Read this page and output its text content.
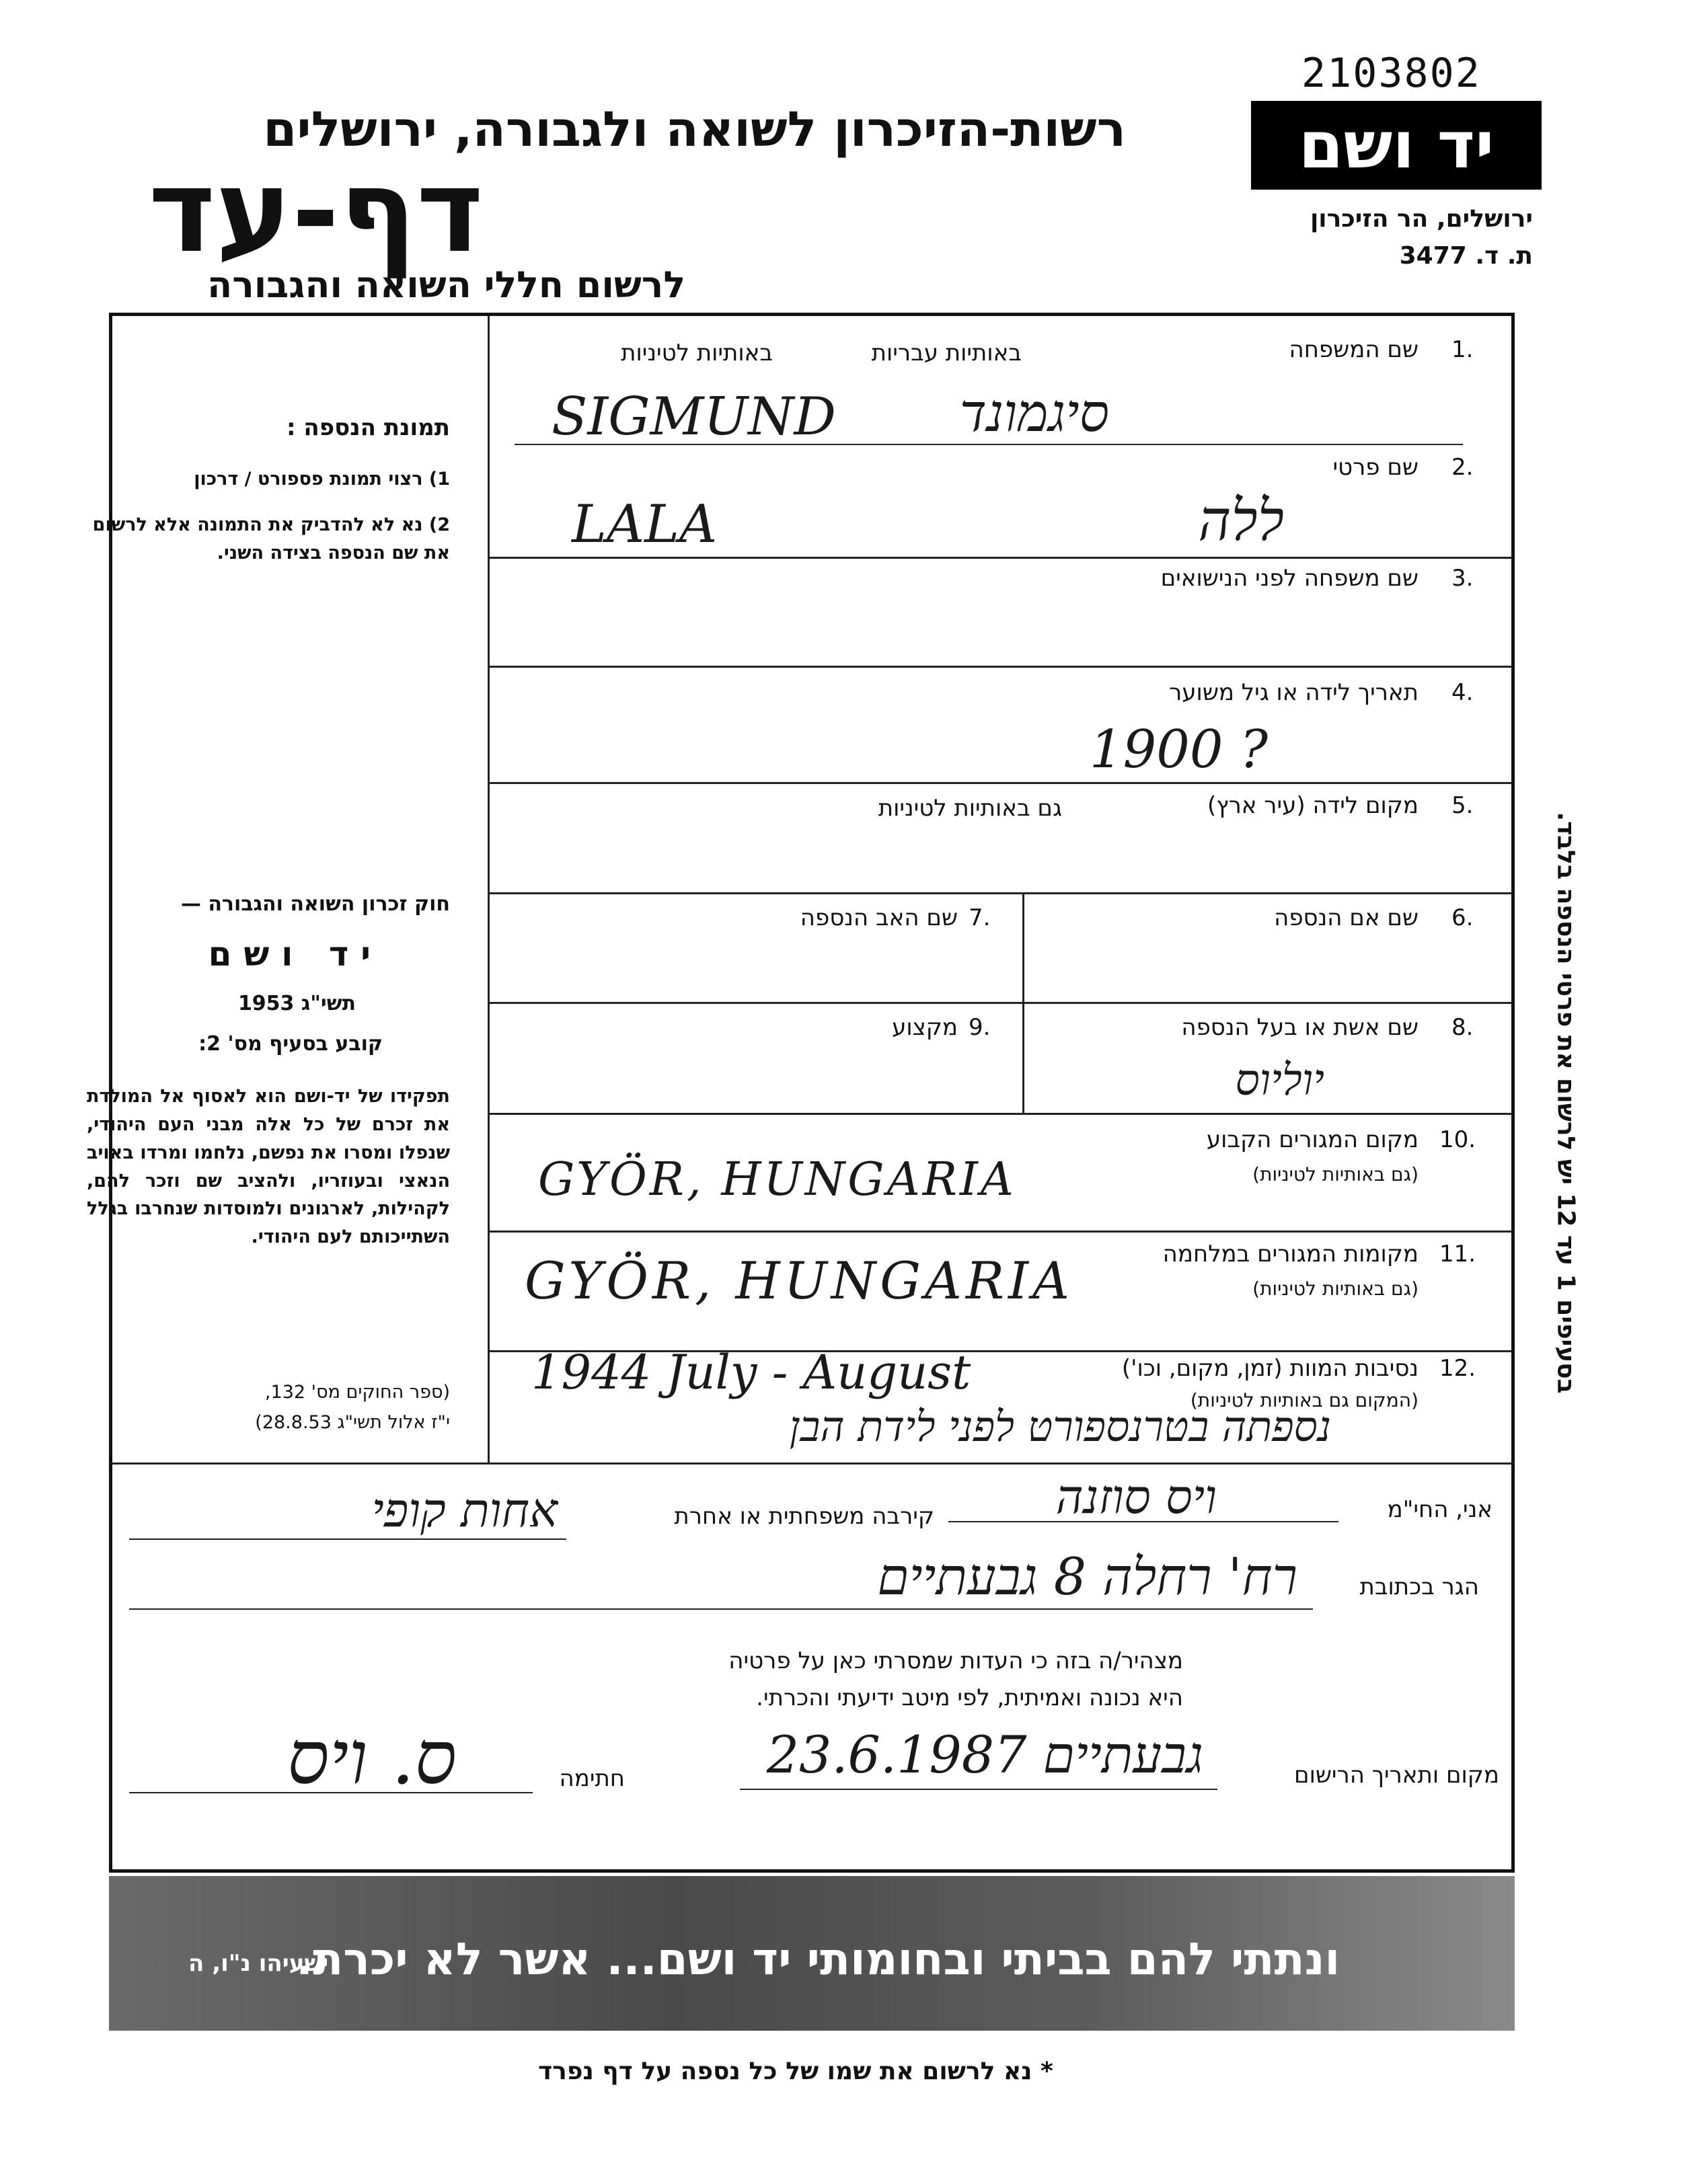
2103802
יד ושם
רשות-הזיכרון לשואה ולגבורה, ירושלים
דף-עד
לרשום חללי השואה והגבורה
ירושלים, הר הזיכרון
ת. ד. 3477
בסעיפים 1 עד 12 יש לרשום את פרטי הנספה בלבד.
תמונת הנספה :
1) רצוי תמונת פספורט / דרכון
2) נא לא להדביק את התמונה אלא לרשום את שם הנספה בצידה השני.
חוק זכרון השואה והגבורה —
יד ושם
תשי"ג 1953
קובע בסעיף מס' 2:
תפקידו של יד-ושם הוא לאסוף אל המולדת את זכרם של כל אלה מבני העם היהודי, שנפלו ומסרו את נפשם, נלחמו ומרדו באויב הנאצי ובעוזריו, ולהציב שם וזכר להם, לקהילות, לארגונים ולמוסדות שנחרבו בגלל השתייכותם לעם היהודי.
(ספר החוקים מס' 132,
י"ז אלול תשי"ג 28.8.53)
1.
שם המשפחה
באותיות עבריות
באותיות לטיניות
SIGMUND סיגמונד
2.
שם פרטי
LALA	ללה
3.
שם משפחה לפני הנישואים
4.
תאריך לידה או גיל משוער
1900 ?
5.
מקום לידה (עיר ארץ)
גם באותיות לטיניות
6.
שם אם הנספה
7.
שם האב הנספה
8.
שם אשת או בעל הנספה
יוליוס
9.
מקצוע
10.
מקום המגורים הקבוע
(גם באותיות לטיניות)
GYÖR, HUNGARIA
11.
מקומות המגורים במלחמה
(גם באותיות לטיניות)
GYÖR, HUNGARIA
12.
נסיבות המוות (זמן, מקום, וכו')
(המקום גם באותיות לטיניות)
1944 July - August
נספתה בטרנספורט לפני לידת הבן
אני, החי"מ
ויס סוזנה
קירבה משפחתית או אחרת
אחות קופי
הגר בכתובת
רח' רחלה 8 גבעתיים
מצהיר/ה בזה כי העדות שמסרתי כאן על פרטיה
היא נכונה ואמיתית, לפי מיטב ידיעתי והכרתי.
מקום ותאריך הרישום
גבעתיים 23.6.1987
חתימה
ס. ויס
ונתתי להם בביתי ובחומותי יד ושם... אשר לא יכרת.
ישעיהו נ"ו, ה
* נא לרשום את שמו של כל נספה על דף נפרד
